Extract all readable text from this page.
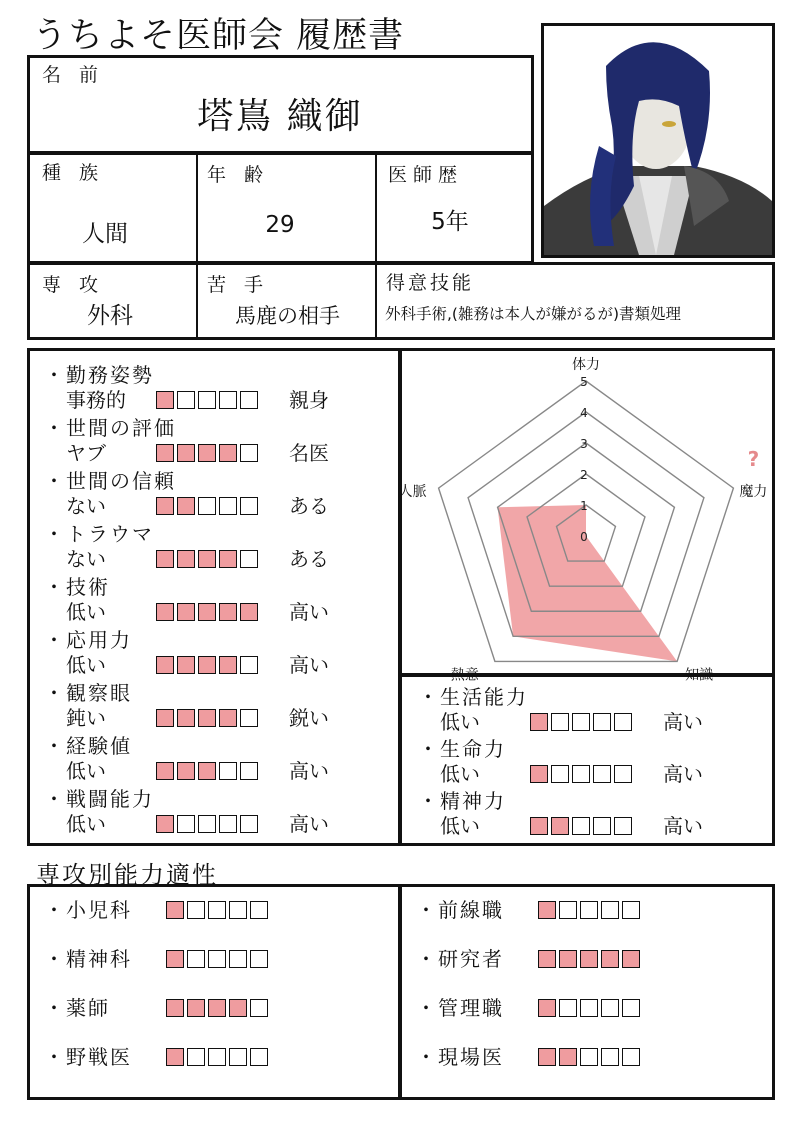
うちよそ医師会 履歴書
名 前
塔嶌 織御
種 族
人間
年 齢
29
医師歴
5年
専 攻
外科
苦 手
馬鹿の相手
得意技能
外科手術,(雑務は本人が嫌がるが)書類処理
・勤務姿勢
事務的	親身
・世間の評価
ヤブ	名医
・世間の信頼
ない	ある
・トラウマ
ない	ある
・技術
低い	高い
・応用力
低い	高い
・観察眼
鈍い	鋭い
・経験値
低い	高い
・戦闘能力
低い	高い
0
1
2
3
4
5
体力
魔力
知識
熱意
人脈
?
・生活能力
低い	高い
・生命力
低い	高い
・精神力
低い	高い
専攻別能力適性
・小児科
・精神科
・薬師
・野戦医
・前線職
・研究者
・管理職
・現場医
